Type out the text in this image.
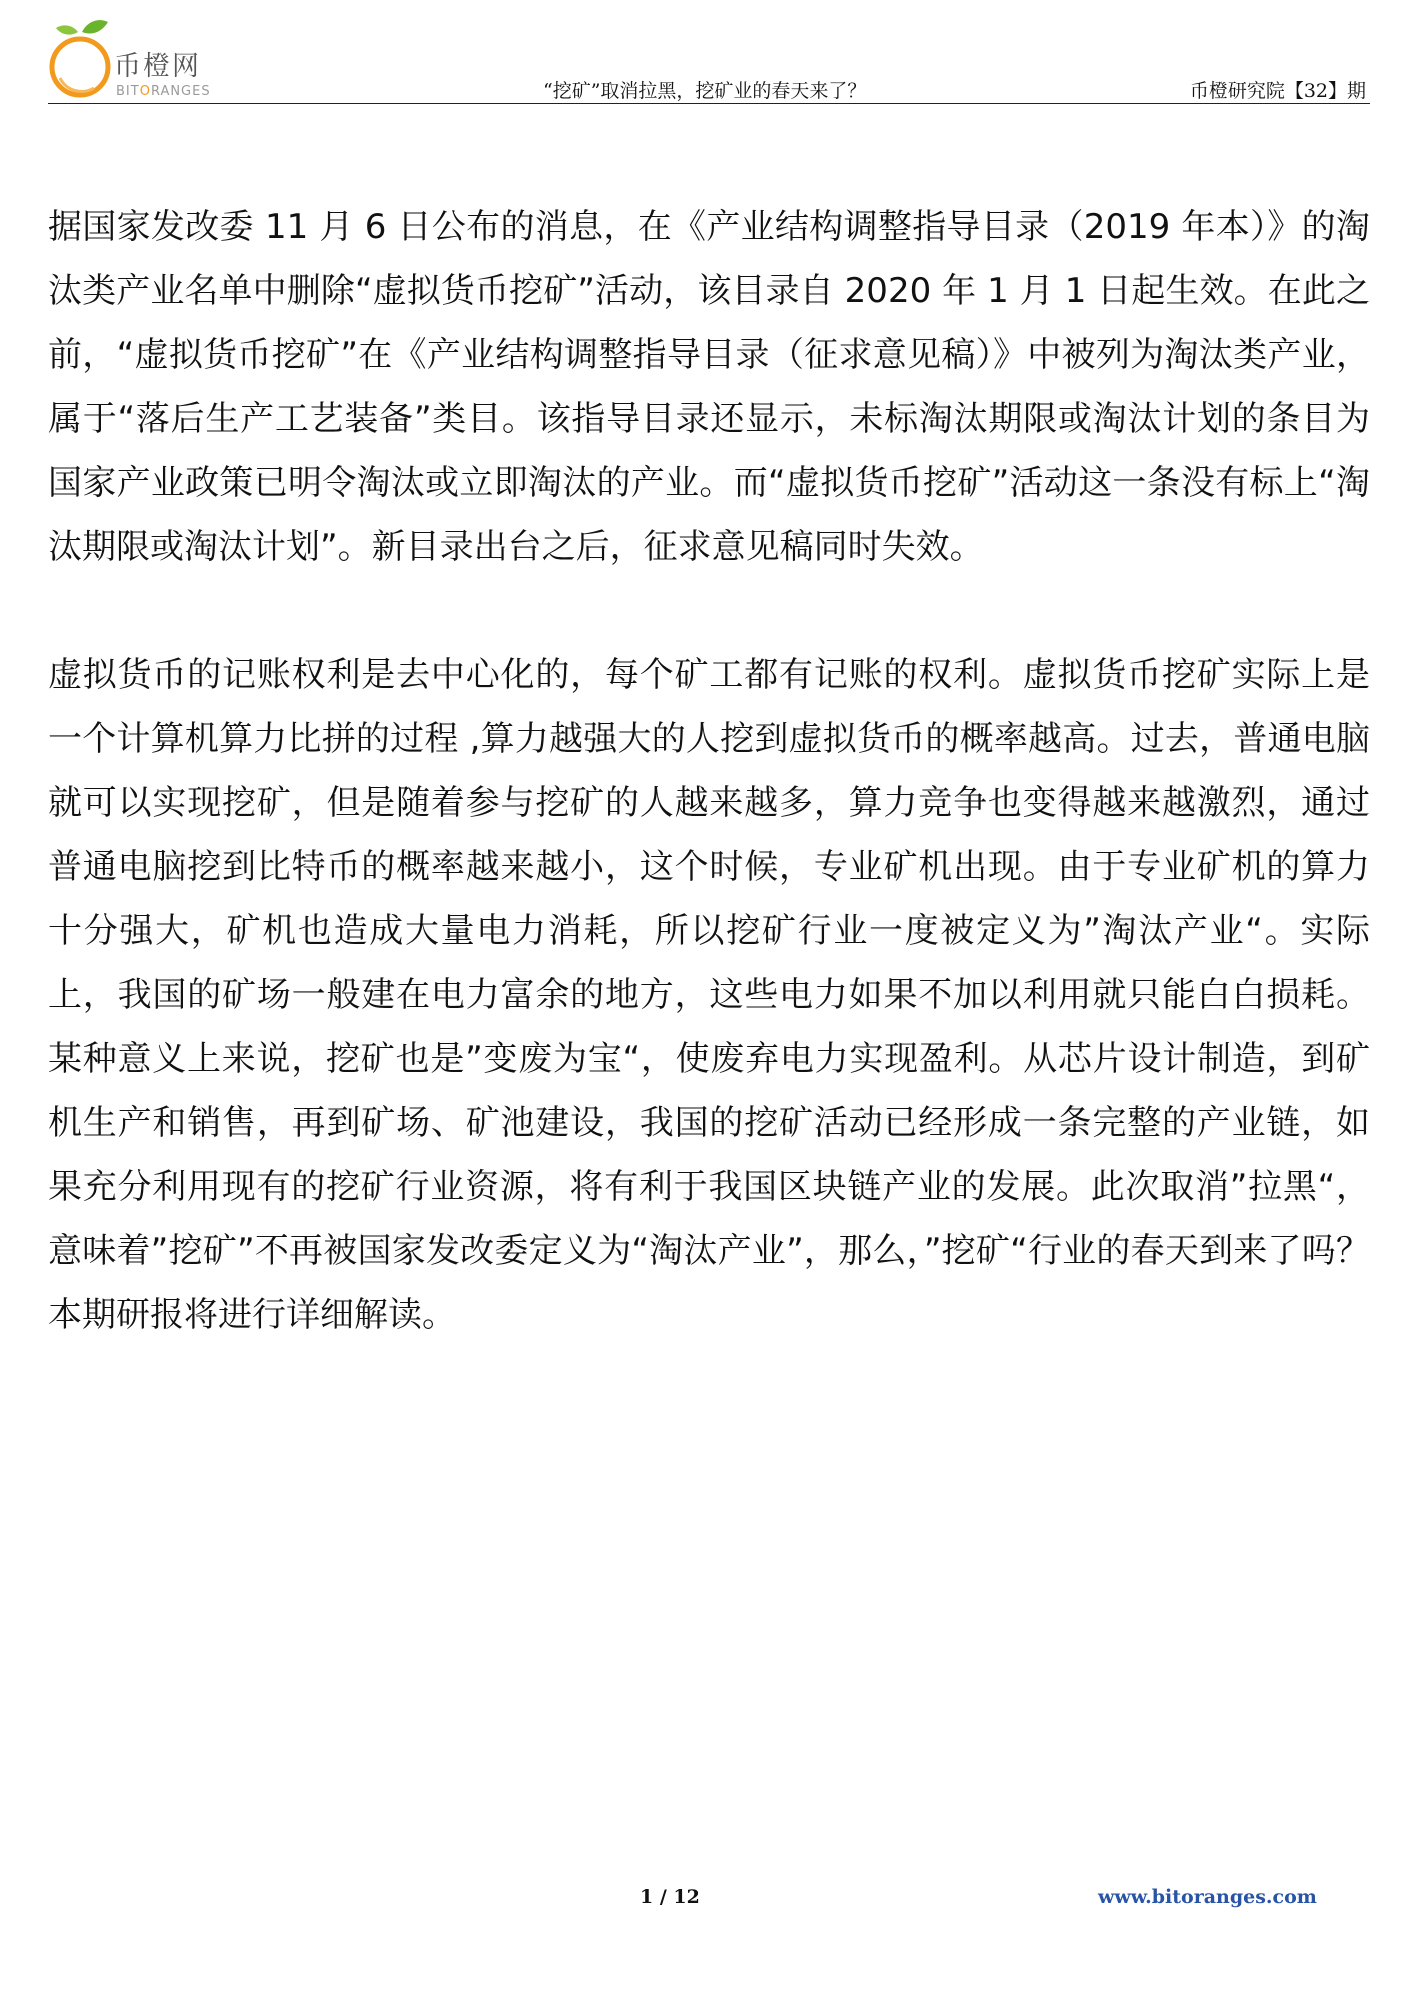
币橙网
BITORANGES	“挖矿”取消拉黑，挖矿业的春天来了？	币橙研究院【32】期

据国家发改委 11 月 6 日公布的消息，在《产业结构调整指导目录（2019 年本）》的淘汰类产业名单中删除“虚拟货币挖矿”活动，该目录自 2020 年 1 月 1 日起生效。在此之前，“虚拟货币挖矿”在《产业结构调整指导目录（征求意见稿）》中被列为淘汰类产业，属于“落后生产工艺装备”类目。该指导目录还显示，未标淘汰期限或淘汰计划的条目为国家产业政策已明令淘汰或立即淘汰的产业。而“虚拟货币挖矿”活动这一条没有标上“淘汰期限或淘汰计划”。新目录出台之后，征求意见稿同时失效。

虚拟货币的记账权利是去中心化的，每个矿工都有记账的权利。虚拟货币挖矿实际上是一个计算机算力比拼的过程 ,算力越强大的人挖到虚拟货币的概率越高。过去，普通电脑就可以实现挖矿，但是随着参与挖矿的人越来越多，算力竞争也变得越来越激烈，通过普通电脑挖到比特币的概率越来越小，这个时候，专业矿机出现。由于专业矿机的算力十分强大，矿机也造成大量电力消耗，所以挖矿行业一度被定义为”淘汰产业“。实际上，我国的矿场一般建在电力富余的地方，这些电力如果不加以利用就只能白白损耗。某种意义上来说，挖矿也是”变废为宝“，使废弃电力实现盈利。从芯片设计制造，到矿机生产和销售，再到矿场、矿池建设，我国的挖矿活动已经形成一条完整的产业链，如果充分利用现有的挖矿行业资源，将有利于我国区块链产业的发展。此次取消”拉黑“，意味着”挖矿”不再被国家发改委定义为“淘汰产业”，那么，”挖矿“行业的春天到来了吗？本期研报将进行详细解读。

1 / 12	www.bitoranges.com
